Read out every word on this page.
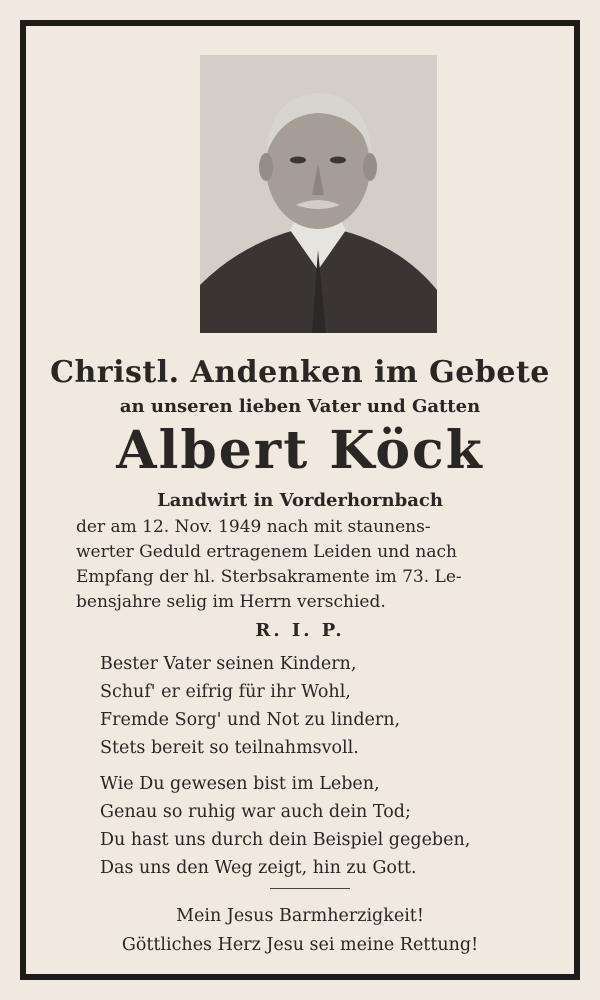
Christl. Andenken im Gebete
an unseren lieben Vater und Gatten
Albert Köck
Landwirt in Vorderhornbach
der am 12. Nov. 1949 nach mit staunens-
werter Geduld ertragenem Leiden und nach
Empfang der hl. Sterbsakramente im 73. Le-
bensjahre selig im Herrn verschied.
R. I. P.
Bester Vater seinen Kindern,
Schuf' er eifrig für ihr Wohl,
Fremde Sorg' und Not zu lindern,
Stets bereit so teilnahmsvoll.
Wie Du gewesen bist im Leben,
Genau so ruhig war auch dein Tod;
Du hast uns durch dein Beispiel gegeben,
Das uns den Weg zeigt, hin zu Gott.
Mein Jesus Barmherzigkeit!
Göttliches Herz Jesu sei meine Rettung!
